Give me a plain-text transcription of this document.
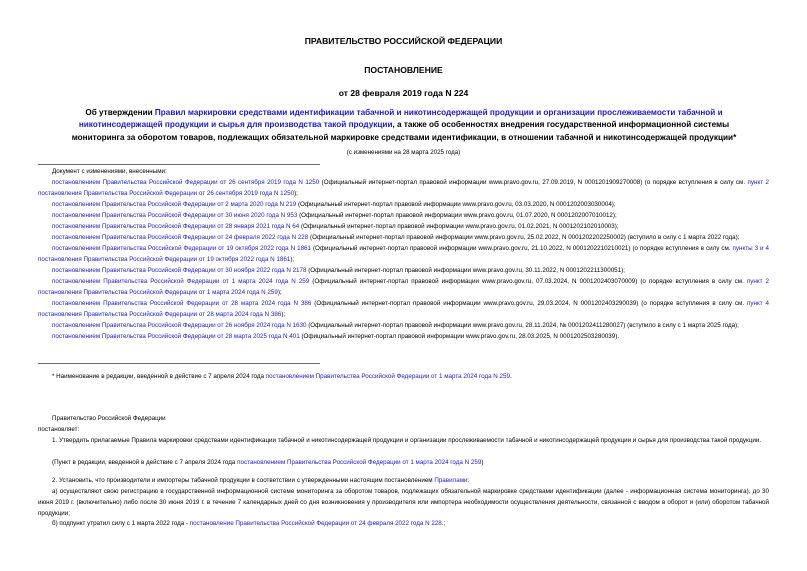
ПРАВИТЕЛЬСТВО РОССИЙСКОЙ ФЕДЕРАЦИИ
ПОСТАНОВЛЕНИЕ
от 28 февраля 2019 года N 224
Об утверждении Правил маркировки средствами идентификации табачной и никотинсодержащей продукции и организации прослеживаемости табачной и никотинсодержащей продукции и сырья для производства такой продукции, а также об особенностях внедрения государственной информационной системы мониторинга за оборотом товаров, подлежащих обязательной маркировке средствами идентификации, в отношении табачной и никотинсодержащей продукции*
(с изменениями на 28 марта 2025 года)
Документ с изменениями, внесенными:

постановлением Правительства Российской Федерации от 26 сентября 2019 года N 1250 (Официальный интернет-портал правовой информации www.pravo.gov.ru, 27.09.2019, N 0001201909270008) (о порядке вступления в силу см. пункт 2 постановления Правительства Российской Федерации от 26 сентября 2019 года N 1250);

постановлением Правительства Российской Федерации от 2 марта 2020 года N 219 (Официальный интернет-портал правовой информации www.pravo.gov.ru, 03.03.2020, N 0001202003030004);

постановлением Правительства Российской Федерации от 30 июня 2020 года N 953 (Официальный интернет-портал правовой информации www.pravo.gov.ru, 01.07.2020, N 0001202007010012);

постановлением Правительства Российской Федерации от 28 января 2021 года N 64 (Официальный интернет-портал правовой информации www.pravo.gov.ru, 01.02.2021, N 0001202102010003);

постановлением Правительства Российской Федерации от 24 февраля 2022 года N 228 (Официальный интернет-портал правовой информации www.pravo.gov.ru, 25.02.2022, N 0001202202250002) (вступило в силу с 1 марта 2022 года);

постановлением Правительства Российской Федерации от 19 октября 2022 года N 1861 (Официальный интернет-портал правовой информации www.pravo.gov.ru, 21.10.2022, N 0001202210210021) (о порядке вступления в силу см. пункты 3 и 4 постановления Правительства Российской Федерации от 19 октября 2022 года N 1861);

постановлением Правительства Российской Федерации от 30 ноября 2022 года N 2178 (Официальный интернет-портал правовой информации www.pravo.gov.ru, 30.11.2022, N 0001202211300051);

постановлением Правительства Российской Федерации от 1 марта 2024 года N 259 (Официальный интернет-портал правовой информации www.pravo.gov.ru, 07.03.2024, N 0001202403070009) (о порядке вступления в силу см. пункт 2 постановления Правительства Российской Федерации от 1 марта 2024 года N 259);

постановлением Правительства Российской Федерации от 28 марта 2024 года N 386 (Официальный интернет-портал правовой информации www.pravo.gov.ru, 29.03.2024, N 0001202403290039) (о порядке вступления в силу см. пункт 4 постановления Правительства Российской Федерации от 28 марта 2024 года N 386);

постановлением Правительства Российской Федерации от 26 ноября 2024 года N 1630 (Официальный интернет-портал правовой информации www.pravo.gov.ru, 28.11.2024, № 0001202411280027) (вступило в силу с 1 марта 2025 года);

постановлением Правительства Российской Федерации от 28 марта 2025 года N 401 (Официальный интернет-портал правовой информации www.pravo.gov.ru, 28.03.2025, N 0001202503280039).

* Наименование в редакции, введенной в действие с 7 апреля 2024 года постановлением Правительства Российской Федерации от 1 марта 2024 года N 259.
Правительство Российской Федерации
постановляет:
1. Утвердить прилагаемые Правила маркировки средствами идентификации табачной и никотинсодержащей продукции и организации прослеживаемости табачной и никотинсодержащей продукции и сырья для производства такой продукции.
(Пункт в редакции, введенной в действие с 7 апреля 2024 года постановлением Правительства Российской Федерации от 1 марта 2024 года N 259)
2. Установить, что производители и импортеры табачной продукции в соответствии с утвержденными настоящим постановлением Правилами:
а) осуществляют свою регистрацию в государственной информационной системе мониторинга за оборотом товаров, подлежащих обязательной маркировке средствами идентификации (далее - информационная система мониторинга), до 30 июня 2019 г. (включительно) либо после 30 июня 2019 г. в течение 7 календарных дней со дня возникновения у производителя или импортера необходимости осуществления деятельности, связанной с вводом в оборот и (или) оборотом табачной продукции;
б) подпункт утратил силу с 1 марта 2022 года - постановление Правительства Российской Федерации от 24 февраля 2022 года N 228.;
